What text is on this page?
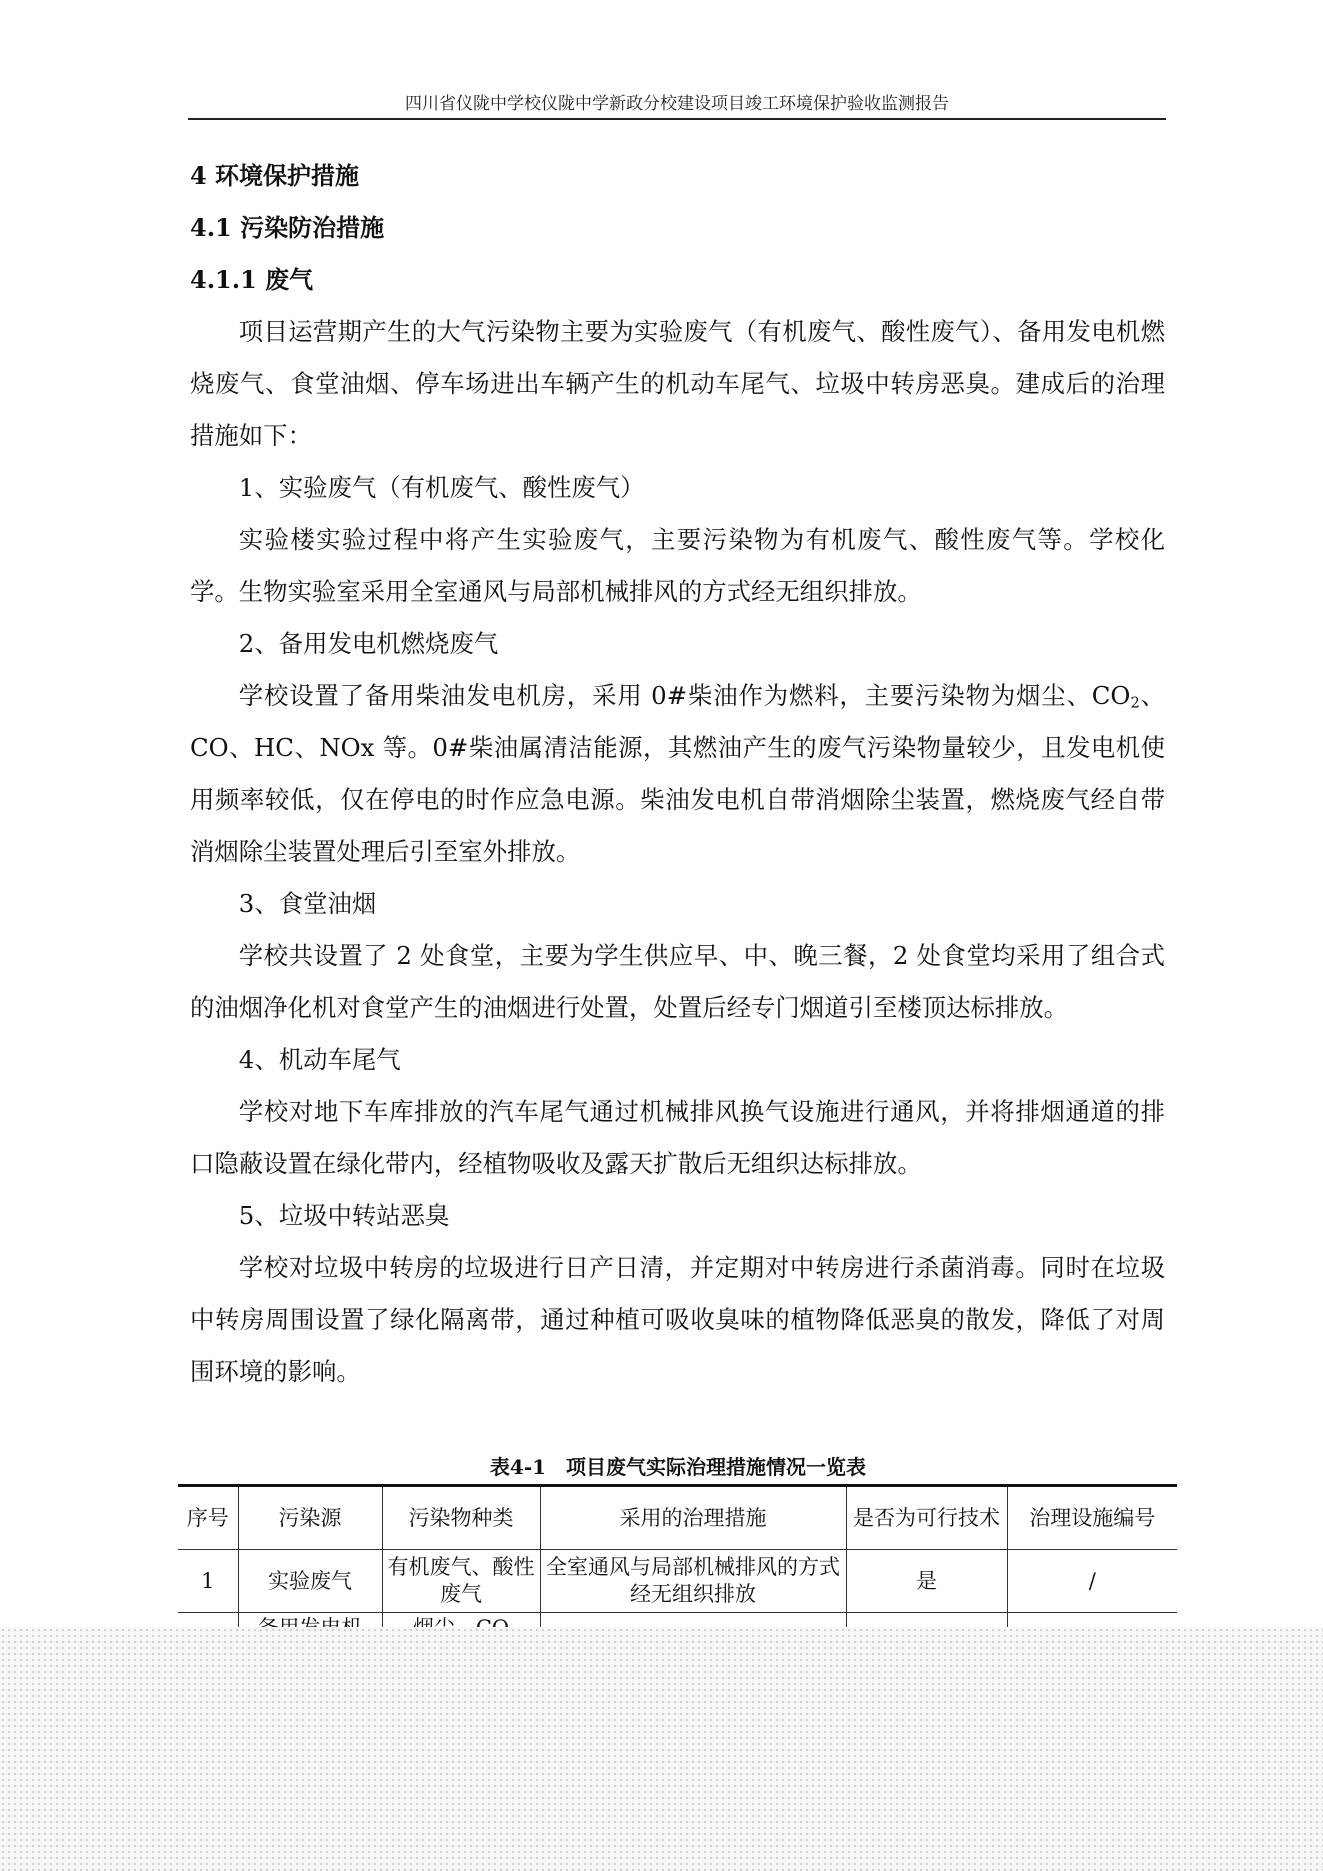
四川省仪陇中学校仪陇中学新政分校建设项目竣工环境保护验收监测报告
4 环境保护措施
4.1 污染防治措施
4.1.1 废气

项目运营期产生的大气污染物主要为实验废气（有机废气、酸性废气）、备用发电机燃烧废气、食堂油烟、停车场进出车辆产生的机动车尾气、垃圾中转房恶臭。建成后的治理措施如下：

1、实验废气（有机废气、酸性废气）

实验楼实验过程中将产生实验废气，主要污染物为有机废气、酸性废气等。学校化学。生物实验室采用全室通风与局部机械排风的方式经无组织排放。

2、备用发电机燃烧废气

学校设置了备用柴油发电机房，采用 0#柴油作为燃料，主要污染物为烟尘、$CO_2$、CO、HC、NOx 等。0#柴油属清洁能源，其燃油产生的废气污染物量较少，且发电机使用频率较低，仅在停电的时作应急电源。柴油发电机自带消烟除尘装置，燃烧废气经自带消烟除尘装置处理后引至室外排放。

3、食堂油烟

学校共设置了 2 处食堂，主要为学生供应早、中、晚三餐，2 处食堂均采用了组合式的油烟净化机对食堂产生的油烟进行处置，处置后经专门烟道引至楼顶达标排放。

4、机动车尾气

学校对地下车库排放的汽车尾气通过机械排风换气设施进行通风，并将排烟通道的排口隐蔽设置在绿化带内，经植物吸收及露天扩散后无组织达标排放。

5、垃圾中转站恶臭

学校对垃圾中转房的垃圾进行日产日清，并定期对中转房进行杀菌消毒。同时在垃圾中转房周围设置了绿化隔离带，通过种植可吸收臭味的植物降低恶臭的散发，降低了对周围环境的影响。

表4-1　项目废气实际治理措施情况一览表
序号	污染源	污染物种类	采用的治理措施	是否为可行技术	治理设施编号
1	实验废气	有机废气、酸性废气	全室通风与局部机械排风的方式经无组织排放	是	/
